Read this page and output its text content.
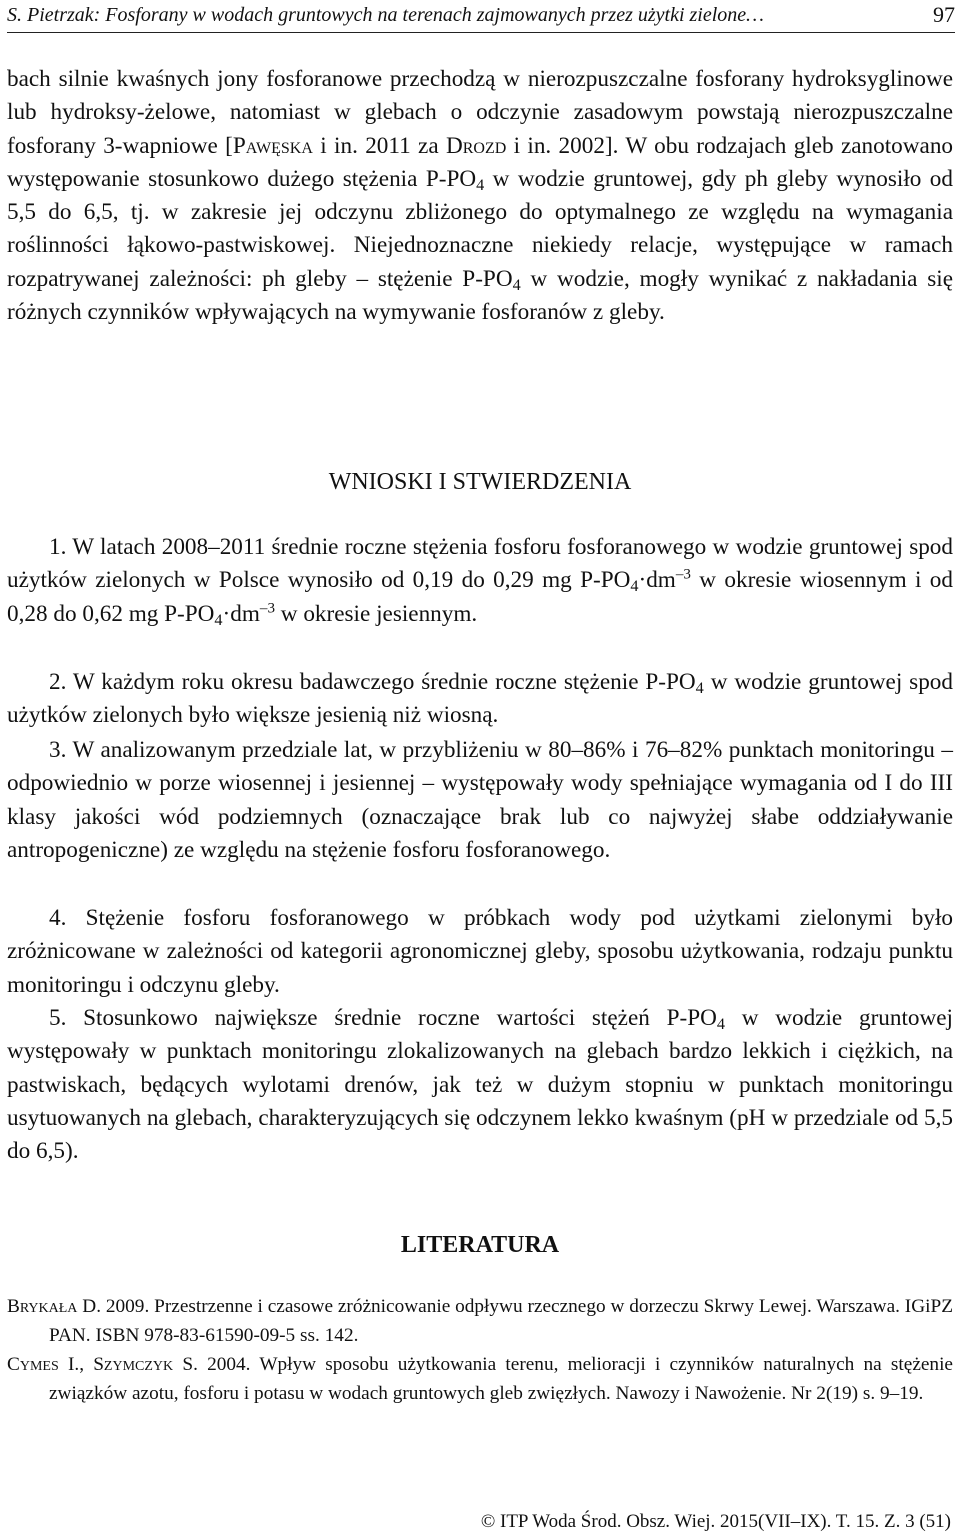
S. Pietrzak: Fosforany w wodach gruntowych na terenach zajmowanych przez użytki zielone…	97

bach silnie kwaśnych jony fosforanowe przechodzą w nierozpuszczalne fosforany hydroksyglinowe lub hydroksy-żelowe, natomiast w glebach o odczynie zasadowym powstają nierozpuszczalne fosforany 3-wapniowe [Pawęska i in. 2011 za Drozd i in. 2002]. W obu rodzajach gleb zanotowano występowanie stosunkowo dużego stężenia $P-PO_4$ w wodzie gruntowej, gdy ph gleby wynosiło od 5,5 do 6,5, tj. w zakresie jej odczynu zbliżonego do optymalnego ze względu na wymagania roślinności łąkowo-pastwiskowej. Niejednoznaczne niekiedy relacje, występujące w ramach rozpatrywanej zależności: ph gleby – stężenie $P-PO_4$ w wodzie, mogły wynikać z nakładania się różnych czynników wpływających na wymywanie fosforanów z gleby.

WNIOSKI I STWIERDZENIA

1. W latach 2008–2011 średnie roczne stężenia fosforu fosforanowego w wodzie gruntowej spod użytków zielonych w Polsce wynosiło od 0,19 do 0,29 mg $P-PO_4\cdot dm^{-3}$ w okresie wiosennym i od 0,28 do 0,62 mg $P-PO_4\cdot dm^{-3}$ w okresie jesiennym.

2. W każdym roku okresu badawczego średnie roczne stężenie $P-PO_4$ w wodzie gruntowej spod użytków zielonych było większe jesienią niż wiosną.

3. W analizowanym przedziale lat, w przybliżeniu w 80–86% i 76–82% punktach monitoringu – odpowiednio w porze wiosennej i jesiennej – występowały wody spełniające wymagania od I do III klasy jakości wód podziemnych (oznaczające brak lub co najwyżej słabe oddziaływanie antropogeniczne) ze względu na stężenie fosforu fosforanowego.

4. Stężenie fosforu fosforanowego w próbkach wody pod użytkami zielonymi było zróżnicowane w zależności od kategorii agronomicznej gleby, sposobu użytkowania, rodzaju punktu monitoringu i odczynu gleby.

5. Stosunkowo największe średnie roczne wartości stężeń $P-PO_4$ w wodzie gruntowej występowały w punktach monitoringu zlokalizowanych na glebach bardzo lekkich i ciężkich, na pastwiskach, będących wylotami drenów, jak też w dużym stopniu w punktach monitoringu usytuowanych na glebach, charakteryzujących się odczynem lekko kwaśnym (pH w przedziale od 5,5 do 6,5).

LITERATURA

Brykała D. 2009. Przestrzenne i czasowe zróżnicowanie odpływu rzecznego w dorzeczu Skrwy Lewej. Warszawa. IGiPZ PAN. ISBN 978-83-61590-09-5 ss. 142.

Cymes I., Szymczyk S. 2004. Wpływ sposobu użytkowania terenu, melioracji i czynników naturalnych na stężenie związków azotu, fosforu i potasu w wodach gruntowych gleb zwięzłych. Nawozy i Nawożenie. Nr 2(19) s. 9–19.

© ITP Woda Środ. Obsz. Wiej. 2015(VII–IX). T. 15. Z. 3 (51)
